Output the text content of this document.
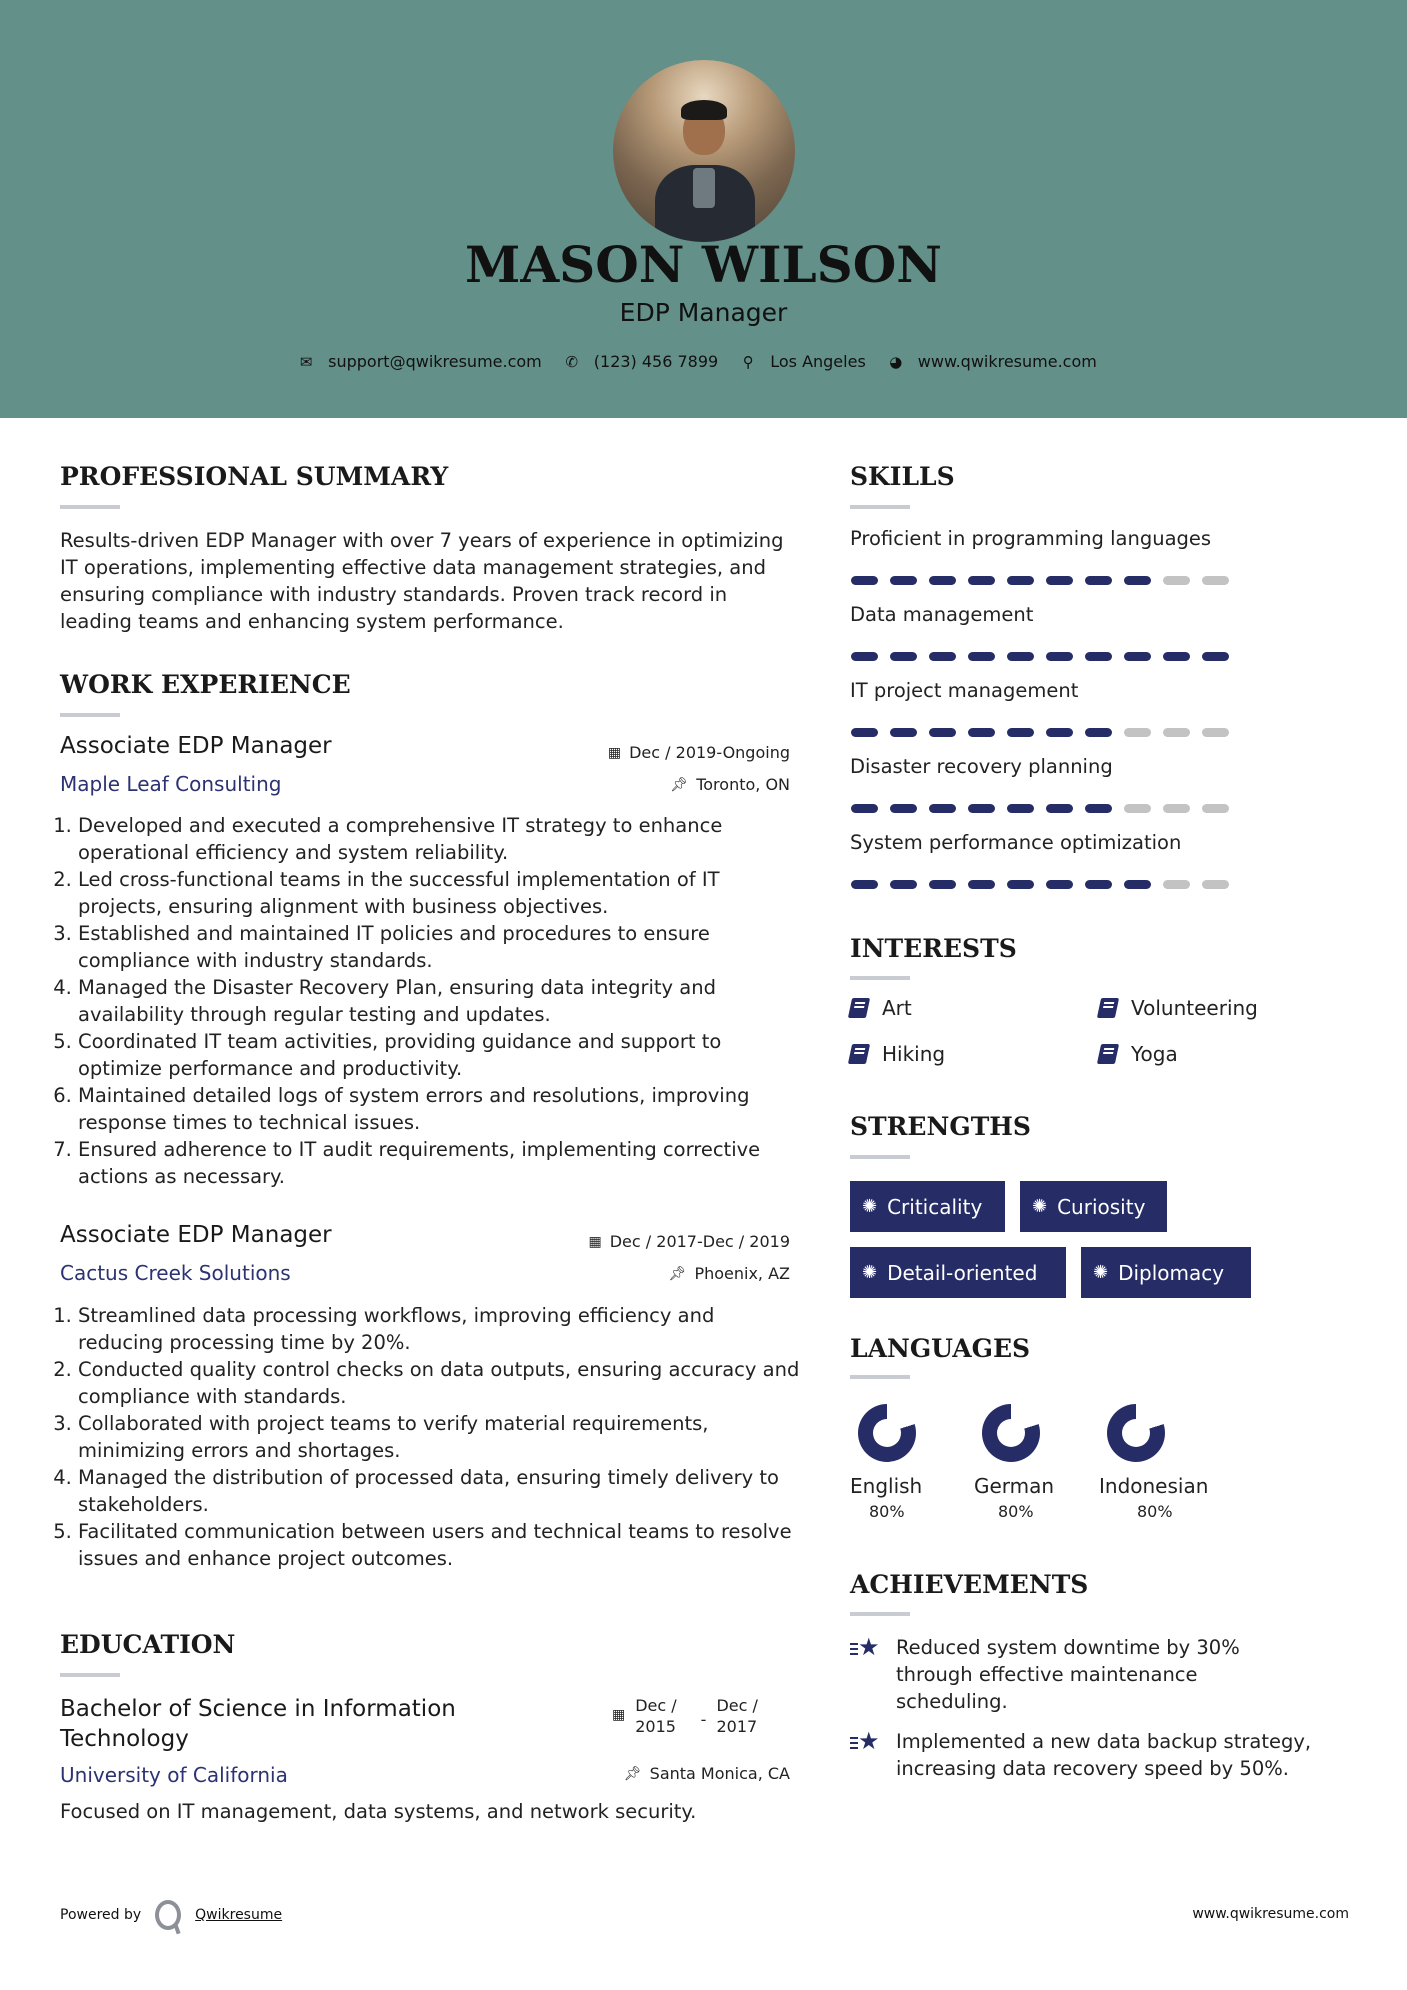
MASON WILSON
EDP Manager
✉ support@qwikresume.com ✆ (123) 456 7899 ⚲ Los Angeles ◕ www.qwikresume.com
PROFESSIONAL SUMMARY
Results-driven EDP Manager with over 7 years of experience in optimizing IT operations, implementing effective data management strategies, and ensuring compliance with industry standards. Proven track record in leading teams and enhancing system performance.
WORK EXPERIENCE
Associate EDP Manager	▦ Dec / 2019-Ongoing
Maple Leaf Consulting	📌︎ Toronto, ON
1. Developed and executed a comprehensive IT strategy to enhance operational efficiency and system reliability.
2. Led cross-functional teams in the successful implementation of IT projects, ensuring alignment with business objectives.
3. Established and maintained IT policies and procedures to ensure compliance with industry standards.
4. Managed the Disaster Recovery Plan, ensuring data integrity and availability through regular testing and updates.
5. Coordinated IT team activities, providing guidance and support to optimize performance and productivity.
6. Maintained detailed logs of system errors and resolutions, improving response times to technical issues.
7. Ensured adherence to IT audit requirements, implementing corrective actions as necessary.
Associate EDP Manager	▦ Dec / 2017-Dec / 2019
Cactus Creek Solutions	📌︎ Phoenix, AZ
1. Streamlined data processing workflows, improving efficiency and reducing processing time by 20%.
2. Conducted quality control checks on data outputs, ensuring accuracy and compliance with standards.
3. Collaborated with project teams to verify material requirements, minimizing errors and shortages.
4. Managed the distribution of processed data, ensuring timely delivery to stakeholders.
5. Facilitated communication between users and technical teams to resolve issues and enhance project outcomes.
EDUCATION
Bachelor of Science in Information
Technology
▦ Dec /
2015 -
Dec /
2017
University of California	📌︎ Santa Monica, CA
Focused on IT management, data systems, and network security.
SKILLS
Proficient in programming languages
Data management
IT project management
Disaster recovery planning
System performance optimization
INTERESTS
Art	Volunteering
Hiking	Yoga
STRENGTHS
✺ Criticality	✺ Curiosity
✺ Detail-oriented	✺ Diplomacy
LANGUAGES
English
80%
German
80%
Indonesian
80%
ACHIEVEMENTS
★ Reduced system downtime by 30% through effective maintenance scheduling.
★ Implemented a new data backup strategy, increasing data recovery speed by 50%.
Powered by	Qwikresume	www.qwikresume.com
